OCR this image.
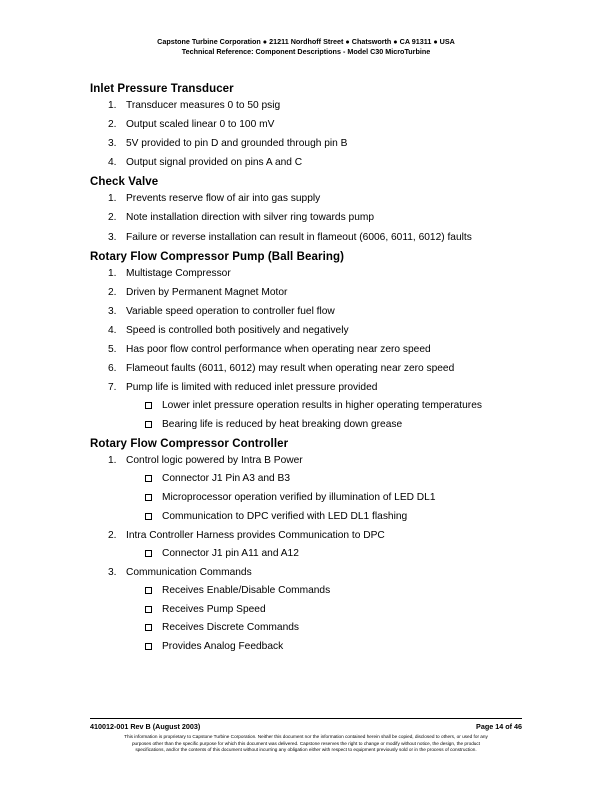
Capstone Turbine Corporation ● 21211 Nordhoff Street ● Chatsworth ● CA 91311 ● USA
Technical Reference: Component Descriptions - Model C30 MicroTurbine
Inlet Pressure Transducer
1. Transducer measures 0 to 50 psig
2. Output scaled linear 0 to 100 mV
3. 5V provided to pin D and grounded through pin B
4. Output signal provided on pins A and C
Check Valve
1. Prevents reserve flow of air into gas supply
2. Note installation direction with silver ring towards pump
3. Failure or reverse installation can result in flameout (6006, 6011, 6012) faults
Rotary Flow Compressor Pump (Ball Bearing)
1. Multistage Compressor
2. Driven by Permanent Magnet Motor
3. Variable speed operation to controller fuel flow
4. Speed is controlled both positively and negatively
5. Has poor flow control performance when operating near zero speed
6. Flameout faults (6011, 6012) may result when operating near zero speed
7. Pump life is limited with reduced inlet pressure provided
Lower inlet pressure operation results in higher operating temperatures
Bearing life is reduced by heat breaking down grease
Rotary Flow Compressor Controller
1. Control logic powered by Intra B Power
Connector J1 Pin A3 and B3
Microprocessor operation verified by illumination of LED DL1
Communication to DPC verified with LED DL1 flashing
2. Intra Controller Harness provides Communication to DPC
Connector J1 pin A11 and A12
3. Communication Commands
Receives Enable/Disable Commands
Receives Pump Speed
Receives Discrete Commands
Provides Analog Feedback
410012-001 Rev B (August 2003)	Page 14 of 46
This information is proprietary to Capstone Turbine Corporation. Neither this document nor the information contained herein shall be copied, disclosed to others, or used for any
purposes other than the specific purpose for which this document was delivered. Capstone reserves the right to change or modify without notice, the design, the product
specifications, and/or the contents of this document without incurring any obligation either with respect to equipment previously sold or in the process of construction.
